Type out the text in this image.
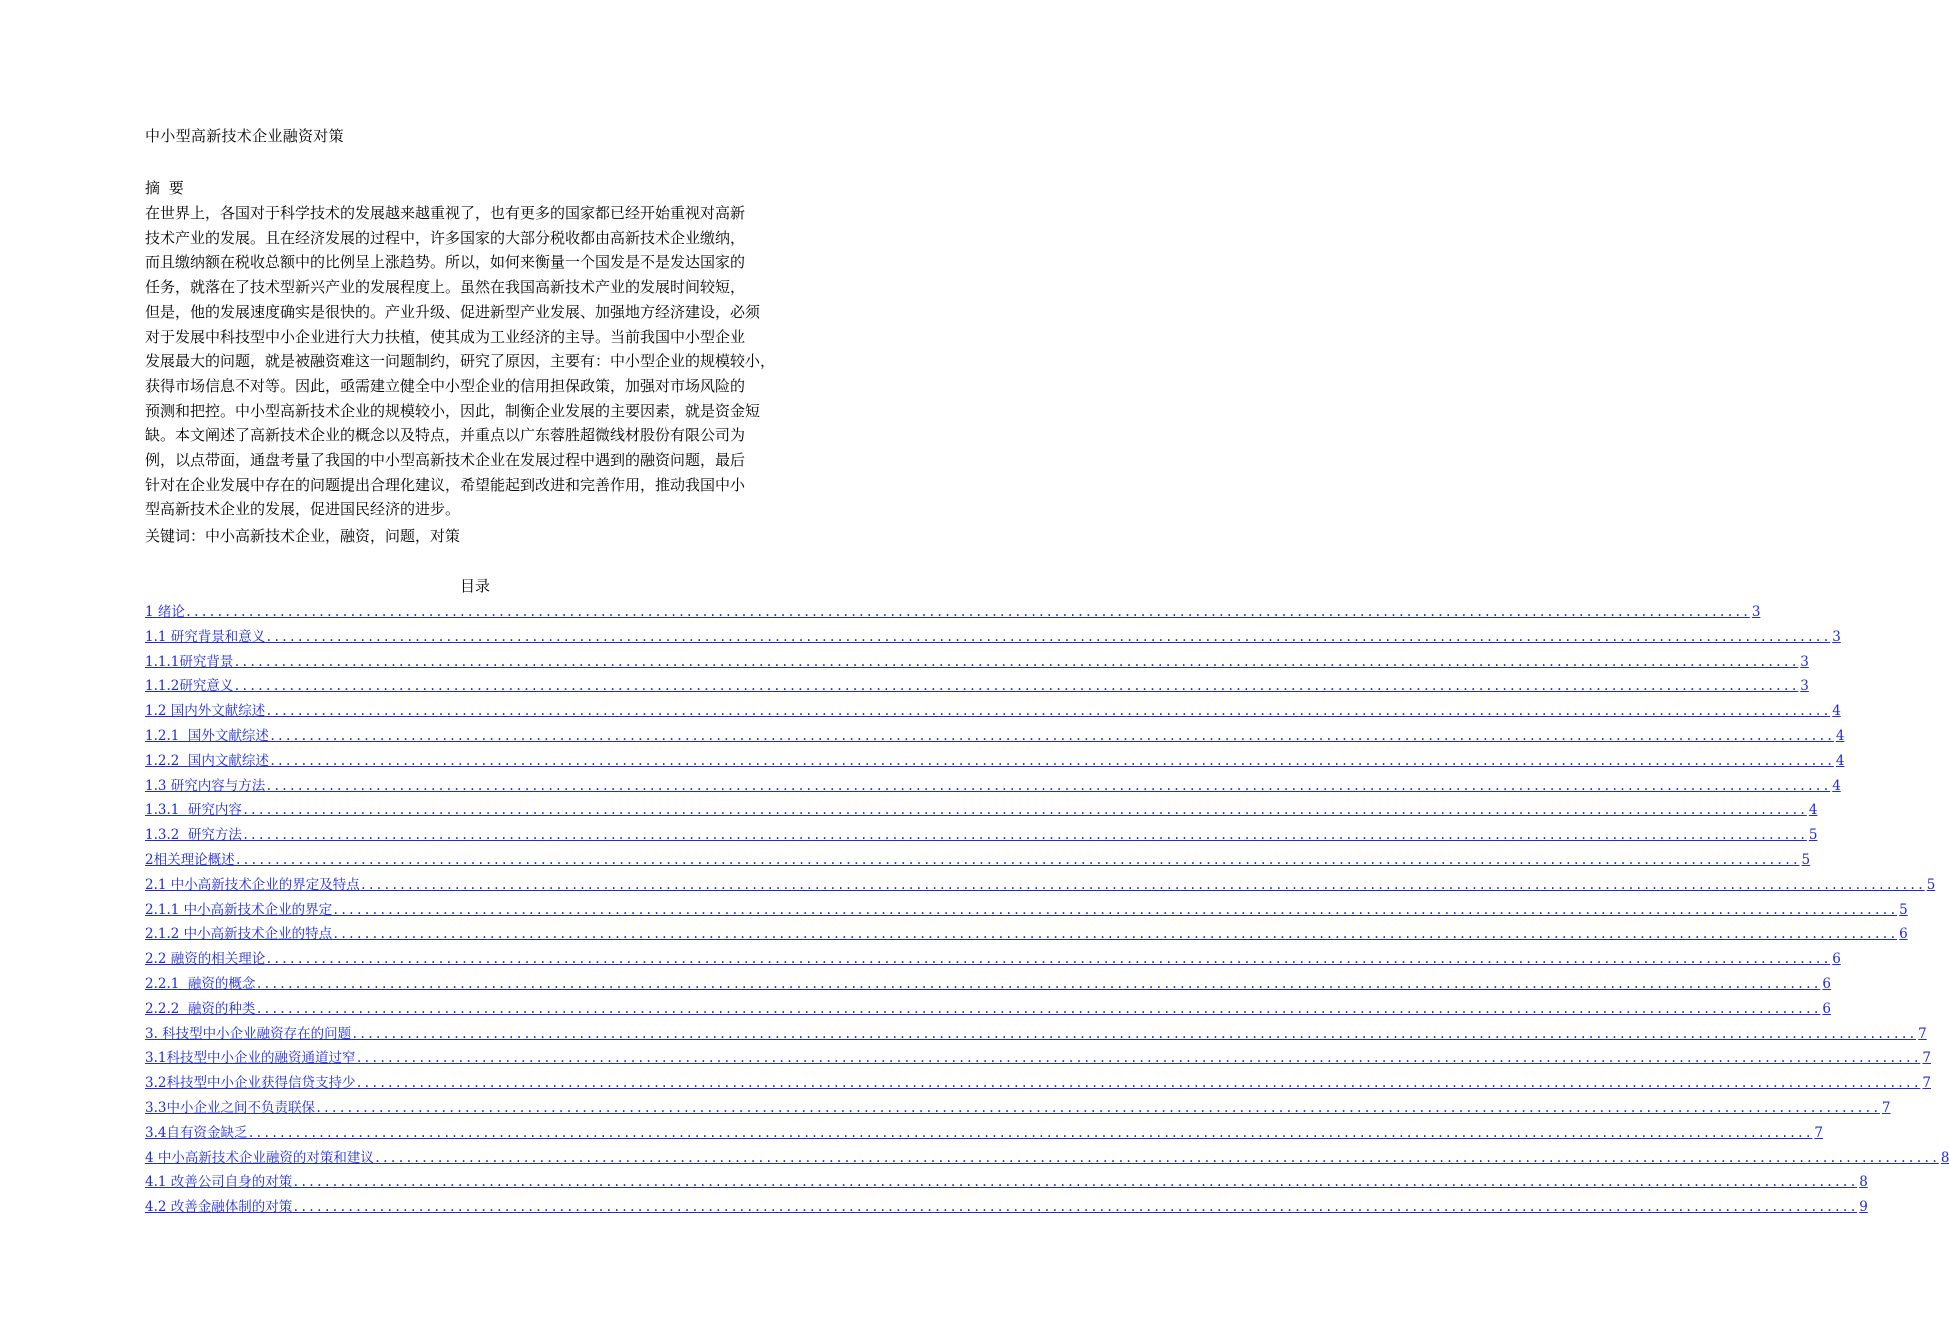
中小型高新技术企业融资对策
摘 要
在世界上，各国对于科学技术的发展越来越重视了，也有更多的国家都已经开始重视对高新
技术产业的发展。且在经济发展的过程中，许多国家的大部分税收都由高新技术企业缴纳，
而且缴纳额在税收总额中的比例呈上涨趋势。所以，如何来衡量一个国发是不是发达国家的
任务，就落在了技术型新兴产业的发展程度上。虽然在我国高新技术产业的发展时间较短，
但是，他的发展速度确实是很快的。产业升级、促进新型产业发展、加强地方经济建设，必须
对于发展中科技型中小企业进行大力扶植，使其成为工业经济的主导。当前我国中小型企业
发展最大的问题，就是被融资难这一问题制约，研究了原因，主要有：中小型企业的规模较小，
获得市场信息不对等。因此，亟需建立健全中小型企业的信用担保政策，加强对市场风险的
预测和把控。中小型高新技术企业的规模较小，因此，制衡企业发展的主要因素，就是资金短
缺。本文阐述了高新技术企业的概念以及特点，并重点以广东蓉胜超微线材股份有限公司为
例，以点带面，通盘考量了我国的中小型高新技术企业在发展过程中遇到的融资问题，最后
针对在企业发展中存在的问题提出合理化建议，希望能起到改进和完善作用，推动我国中小
型高新技术企业的发展，促进国民经济的进步。
关键词：中小高新技术企业，融资，问题，对策
目录
1 绪论 ........................................................................................................................................................................................................ 3
1.1 研究背景和意义 ........................................................................................................................................................................................................ 3
1.1.1研究背景 ........................................................................................................................................................................................................ 3
1.1.2研究意义 ........................................................................................................................................................................................................ 3
1.2 国内外文献综述 ........................................................................................................................................................................................................ 4
1.2.1  国外文献综述 ........................................................................................................................................................................................................ 4
1.2.2  国内文献综述 ........................................................................................................................................................................................................ 4
1.3 研究内容与方法 ........................................................................................................................................................................................................ 4
1.3.1  研究内容 ........................................................................................................................................................................................................ 4
1.3.2  研究方法 ........................................................................................................................................................................................................ 5
2相关理论概述 ........................................................................................................................................................................................................ 5
2.1 中小高新技术企业的界定及特点 ........................................................................................................................................................................................................ 5
2.1.1 中小高新技术企业的界定 ........................................................................................................................................................................................................ 5
2.1.2 中小高新技术企业的特点 ........................................................................................................................................................................................................ 6
2.2 融资的相关理论 ........................................................................................................................................................................................................ 6
2.2.1  融资的概念 ........................................................................................................................................................................................................ 6
2.2.2  融资的种类 ........................................................................................................................................................................................................ 6
3. 科技型中小企业融资存在的问题 ........................................................................................................................................................................................................ 7
3.1科技型中小企业的融资通道过窄 ........................................................................................................................................................................................................ 7
3.2科技型中小企业获得信贷支持少 ........................................................................................................................................................................................................ 7
3.3中小企业之间不负责联保 ........................................................................................................................................................................................................ 7
3.4自有资金缺乏 ........................................................................................................................................................................................................ 7
4 中小高新技术企业融资的对策和建议 ........................................................................................................................................................................................................ 8
4.1 改善公司自身的对策 ........................................................................................................................................................................................................ 8
4.2 改善金融体制的对策 ........................................................................................................................................................................................................ 9
